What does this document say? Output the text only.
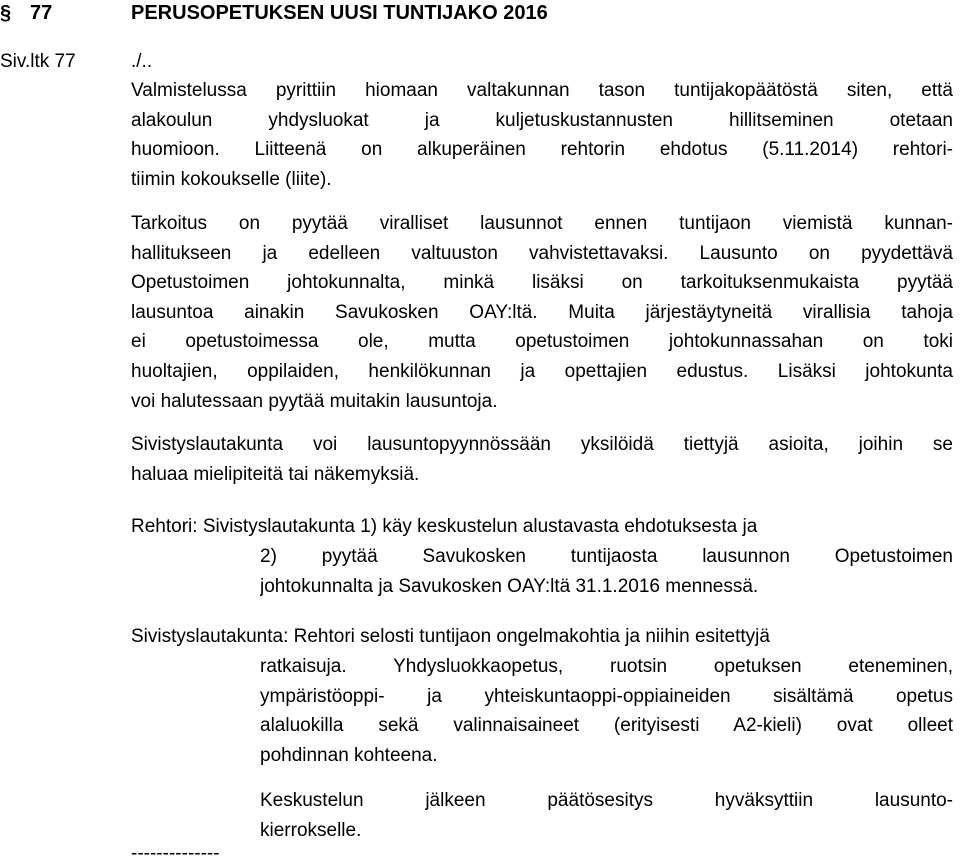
§ 77	PERUSOPETUKSEN UUSI TUNTIJAKO 2016
Siv.ltk 77	./..
Valmistelussa pyrittiin hiomaan valtakunnan tason tuntijakopäätöstä siten, että
alakoulun yhdysluokat ja kuljetuskustannusten hillitseminen otetaan
huomioon. Liitteenä on alkuperäinen rehtorin ehdotus (5.11.2014) rehtori-
tiimin kokoukselle (liite).
Tarkoitus on pyytää viralliset lausunnot ennen tuntijaon viemistä kunnan-
hallitukseen ja edelleen valtuuston vahvistettavaksi. Lausunto on pyydettävä
Opetustoimen johtokunnalta, minkä lisäksi on tarkoituksenmukaista pyytää
lausuntoa ainakin Savukosken OAY:ltä. Muita järjestäytyneitä virallisia tahoja
ei opetustoimessa ole, mutta opetustoimen johtokunnassahan on toki
huoltajien, oppilaiden, henkilökunnan ja opettajien edustus. Lisäksi johtokunta
voi halutessaan pyytää muitakin lausuntoja.
Sivistyslautakunta voi lausuntopyynnössään yksilöidä tiettyjä asioita, joihin se
haluaa mielipiteitä tai näkemyksiä.
Rehtori: Sivistyslautakunta 1) käy keskustelun alustavasta ehdotuksesta ja
2) pyytää Savukosken tuntijaosta lausunnon Opetustoimen
johtokunnalta ja Savukosken OAY:ltä 31.1.2016 mennessä.
Sivistyslautakunta: Rehtori selosti tuntijaon ongelmakohtia ja niihin esitettyjä
ratkaisuja. Yhdysluokkaopetus, ruotsin opetuksen eteneminen,
ympäristöoppi- ja yhteiskuntaoppi-oppiaineiden sisältämä opetus
alaluokilla sekä valinnaisaineet (erityisesti A2-kieli) ovat olleet
pohdinnan kohteena.
Keskustelun jälkeen päätösesitys hyväksyttiin lausunto-
kierrokselle.
--------------
